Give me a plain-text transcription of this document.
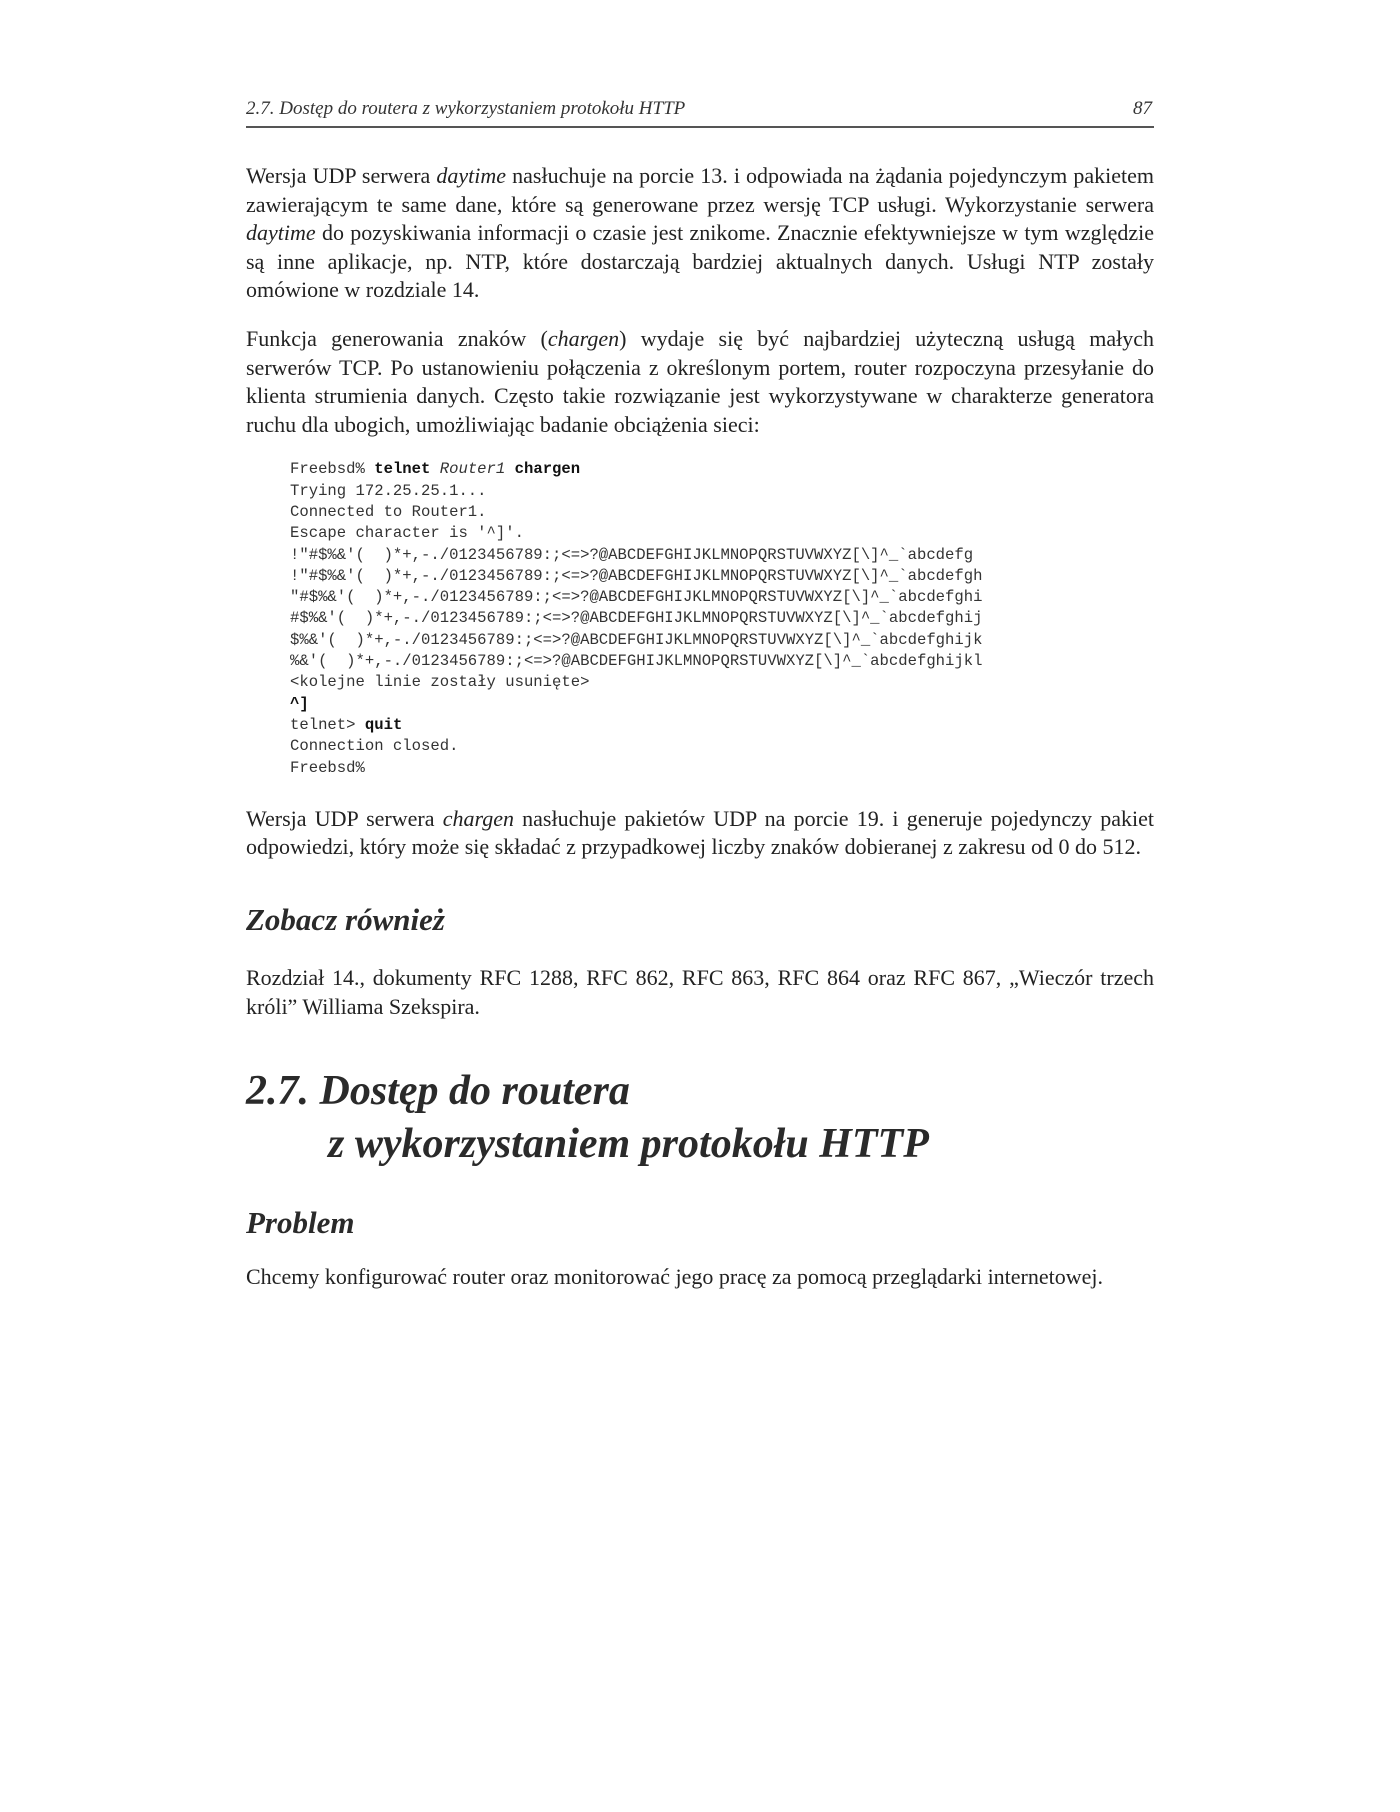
2.7. Dostęp do routera z wykorzystaniem protokołu HTTP	87

Wersja UDP serwera daytime nasłuchuje na porcie 13. i odpowiada na żądania pojedynczym pakietem zawierającym te same dane, które są generowane przez wersję TCP usługi. Wykorzystanie serwera daytime do pozyskiwania informacji o czasie jest znikome. Znacznie efektywniejsze w tym względzie są inne aplikacje, np. NTP, które dostarczają bardziej aktualnych danych. Usługi NTP zostały omówione w rozdziale 14.

Funkcja generowania znaków (chargen) wydaje się być najbardziej użyteczną usługą małych serwerów TCP. Po ustanowieniu połączenia z określonym portem, router rozpoczyna przesyłanie do klienta strumienia danych. Często takie rozwiązanie jest wykorzystywane w charakterze generatora ruchu dla ubogich, umożliwiając badanie obciążenia sieci:

Freebsd% telnet Router1 chargen
Trying 172.25.25.1...
Connected to Router1.
Escape character is '^]'.
!"#$%&'(  )*+,-./0123456789:;<=>?@ABCDEFGHIJKLMNOPQRSTUVWXYZ[\]^_`abcdefg
!"#$%&'(  )*+,-./0123456789:;<=>?@ABCDEFGHIJKLMNOPQRSTUVWXYZ[\]^_`abcdefgh
"#$%&'(  )*+,-./0123456789:;<=>?@ABCDEFGHIJKLMNOPQRSTUVWXYZ[\]^_`abcdefghi
#$%&'(  )*+,-./0123456789:;<=>?@ABCDEFGHIJKLMNOPQRSTUVWXYZ[\]^_`abcdefghij
$%&'(  )*+,-./0123456789:;<=>?@ABCDEFGHIJKLMNOPQRSTUVWXYZ[\]^_`abcdefghijk
%&'(  )*+,-./0123456789:;<=>?@ABCDEFGHIJKLMNOPQRSTUVWXYZ[\]^_`abcdefghijkl
<kolejne linie zostały usunięte>
^]
telnet> quit
Connection closed.
Freebsd%

Wersja UDP serwera chargen nasłuchuje pakietów UDP na porcie 19. i generuje pojedynczy pakiet odpowiedzi, który może się składać z przypadkowej liczby znaków dobieranej z zakresu od 0 do 512.

Zobacz również

Rozdział 14., dokumenty RFC 1288, RFC 862, RFC 863, RFC 864 oraz RFC 867, „Wieczór trzech króli” Williama Szekspira.

2.7. Dostęp do routera
z wykorzystaniem protokołu HTTP
Problem

Chcemy konfigurować router oraz monitorować jego pracę za pomocą przeglądarki internetowej.
